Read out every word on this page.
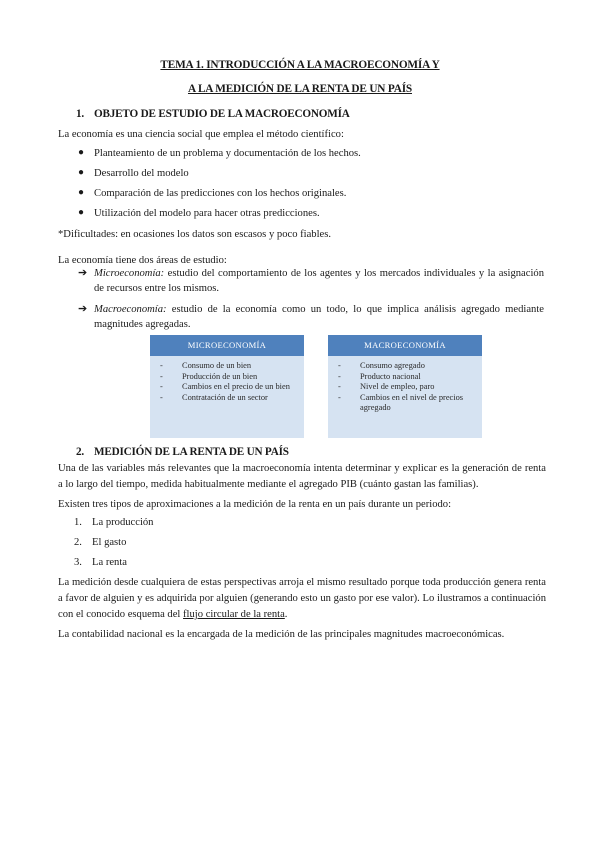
TEMA 1. INTRODUCCIÓN A LA MACROECONOMÍA Y
A LA MEDICIÓN DE LA RENTA DE UN PAÍS
1. OBJETO DE ESTUDIO DE LA MACROECONOMÍA
La economía es una ciencia social que emplea el método científico:
● Planteamiento de un problema y documentación de los hechos.
● Desarrollo del modelo
● Comparación de las predicciones con los hechos originales.
● Utilización del modelo para hacer otras predicciones.
*Dificultades: en ocasiones los datos son escasos y poco fiables.
La economía tiene dos áreas de estudio:
➔ Microeconomía: estudio del comportamiento de los agentes y los mercados individuales y la asignación de recursos entre los mismos.
➔ Macroeconomía: estudio de la economía como un todo, lo que implica análisis agregado mediante magnitudes agregadas.
MICROECONOMÍA
-	Consumo de un bien
-	Producción de un bien
-	Cambios en el precio de un bien
-	Contratación de un sector
MACROECONOMÍA
-	Consumo agregado
-	Producto nacional
-	Nivel de empleo, paro
-	Cambios en el nivel de precios agregado
2. MEDICIÓN DE LA RENTA DE UN PAÍS
Una de las variables más relevantes que la macroeconomía intenta determinar y explicar es la generación de renta a lo largo del tiempo, medida habitualmente mediante el agregado PIB (cuánto gastan las familias).
Existen tres tipos de aproximaciones a la medición de la renta en un país durante un periodo:
1. La producción
2. El gasto
3. La renta
La medición desde cualquiera de estas perspectivas arroja el mismo resultado porque toda producción genera renta a favor de alguien y es adquirida por alguien (generando esto un gasto por ese valor). Lo ilustramos a continuación con el conocido esquema del flujo circular de la renta.
La contabilidad nacional es la encargada de la medición de las principales magnitudes macroeconómicas.
